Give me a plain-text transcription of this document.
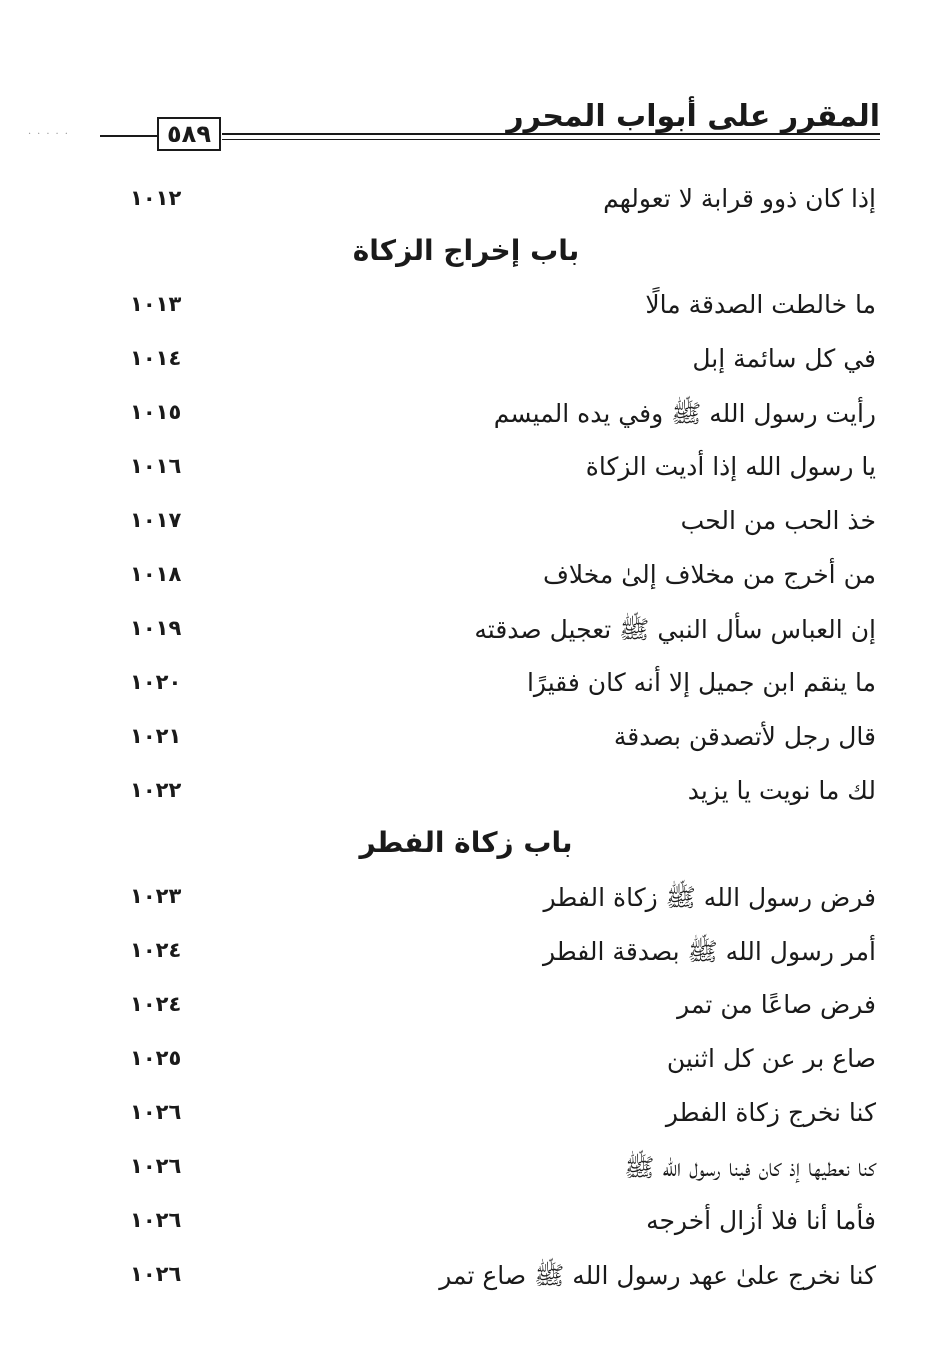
·····	٥٨٩	المقرر على أبواب المحرر
إذا كان ذوو قرابة لا تعولهم
١٠١٢
باب إخراج الزكاة
ما خالطت الصدقة مالًا
١٠١٣
في كل سائمة إبل
١٠١٤
رأيت رسول الله ﷺ وفي يده الميسم
١٠١٥
يا رسول الله إذا أديت الزكاة
١٠١٦
خذ الحب من الحب
١٠١٧
من أخرج من مخلاف إلىٰ مخلاف
١٠١٨
إن العباس سأل النبي ﷺ تعجيل صدقته
١٠١٩
ما ينقم ابن جميل إلا أنه كان فقيرًا
١٠٢٠
قال رجل لأتصدقن بصدقة
١٠٢١
لك ما نويت يا يزيد
١٠٢٢
باب زكاة الفطر
فرض رسول الله ﷺ زكاة الفطر
١٠٢٣
أمر رسول الله ﷺ بصدقة الفطر
١٠٢٤
فرض صاعًا من تمر
١٠٢٤
صاع بر عن كل اثنين
١٠٢٥
كنا نخرج زكاة الفطر
١٠٢٦
كنا نعطيها إذ كان فينا رسول الله ﷺ
١٠٢٦
فأما أنا فلا أزال أخرجه
١٠٢٦
كنا نخرج علىٰ عهد رسول الله ﷺ صاع تمر
١٠٢٦
